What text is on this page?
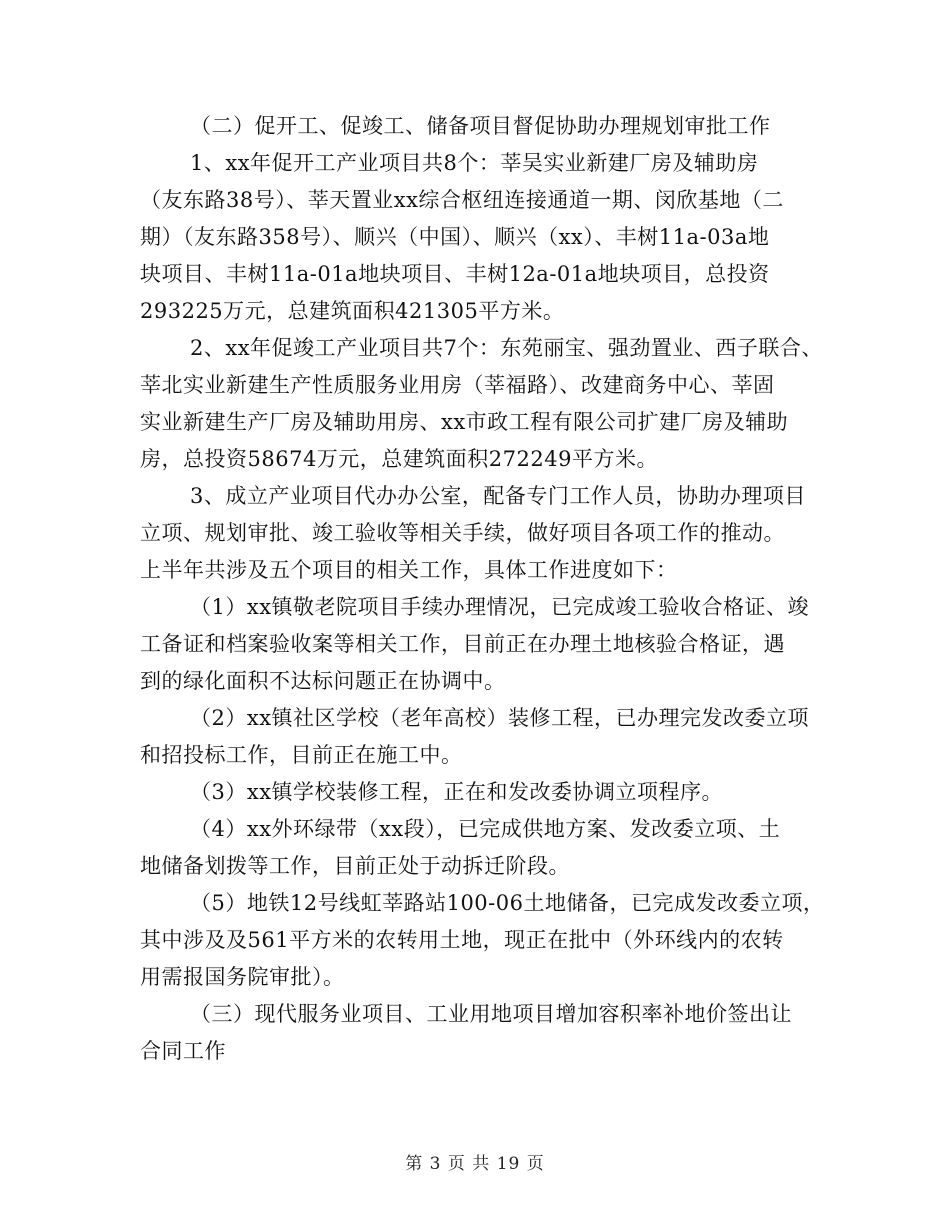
（二）促开工、促竣工、储备项目督促协助办理规划审批工作
1、xx年促开工产业项目共8个：莘吴实业新建厂房及辅助房
（友东路38号）、莘天置业xx综合枢纽连接通道一期、闵欣基地（二
期）（友东路358号）、顺兴（中国）、顺兴（xx）、丰树11a-03a地
块项目、丰树11a-01a地块项目、丰树12a-01a地块项目，总投资
293225万元，总建筑面积421305平方米。
2、xx年促竣工产业项目共7个：东苑丽宝、强劲置业、西子联合、
莘北实业新建生产性质服务业用房（莘福路）、改建商务中心、莘固
实业新建生产厂房及辅助用房、xx市政工程有限公司扩建厂房及辅助
房，总投资58674万元，总建筑面积272249平方米。
3、成立产业项目代办办公室，配备专门工作人员，协助办理项目
立项、规划审批、竣工验收等相关手续，做好项目各项工作的推动。
上半年共涉及五个项目的相关工作，具体工作进度如下：
（1）xx镇敬老院项目手续办理情况，已完成竣工验收合格证、竣
工备证和档案验收案等相关工作，目前正在办理土地核验合格证，遇
到的绿化面积不达标问题正在协调中。
（2）xx镇社区学校（老年高校）装修工程，已办理完发改委立项
和招投标工作，目前正在施工中。
（3）xx镇学校装修工程，正在和发改委协调立项程序。
（4）xx外环绿带（xx段），已完成供地方案、发改委立项、土
地储备划拨等工作，目前正处于动拆迁阶段。
（5）地铁12号线虹莘路站100-06土地储备，已完成发改委立项，
其中涉及及561平方米的农转用土地，现正在批中（外环线内的农转
用需报国务院审批）。
（三）现代服务业项目、工业用地项目增加容积率补地价签出让
合同工作
第 3 页 共 19 页
